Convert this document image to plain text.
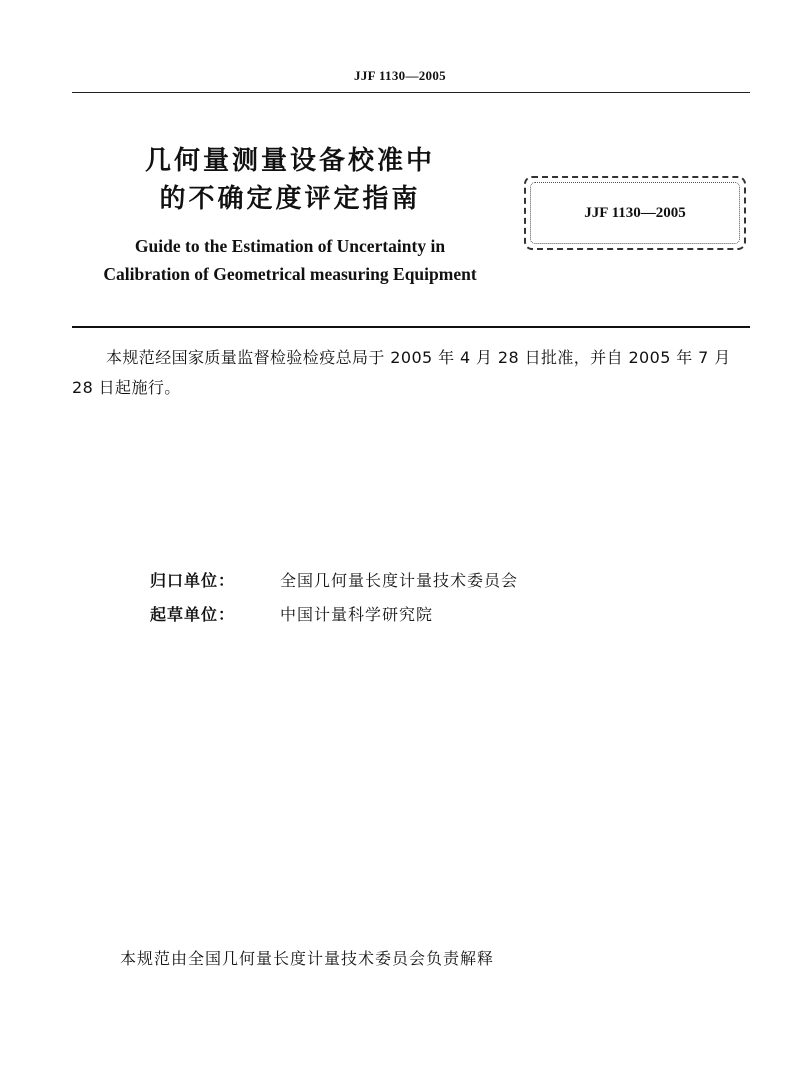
JJF 1130—2005
几何量测量设备校准中
的不确定度评定指南
Guide to the Estimation of Uncertainty in
Calibration of Geometrical measuring Equipment
JJF 1130—2005
本规范经国家质量监督检验检疫总局于 2005 年 4 月 28 日批准，并自 2005 年 7 月 28 日起施行。
归口单位：	全国几何量长度计量技术委员会
起草单位：	中国计量科学研究院
本规范由全国几何量长度计量技术委员会负责解释
